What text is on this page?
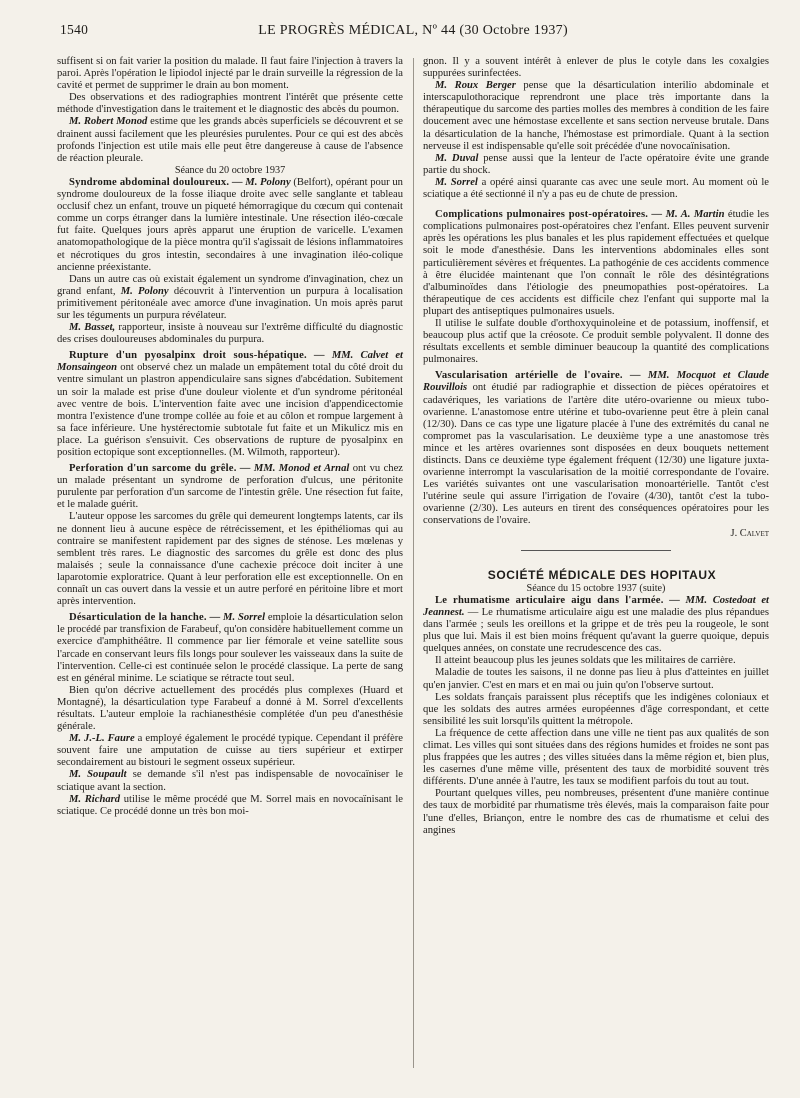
1540	LE PROGRÈS MÉDICAL, Nº 44 (30 Octobre 1937)

suffisent si on fait varier la position du malade. Il faut faire l'injection à travers la paroi. Après l'opération le lipiodol injecté par le drain surveille la régression de la cavité et permet de supprimer le drain au bon moment.

Des observations et des radiographies montrent l'intérêt que présente cette méthode d'investigation dans le traitement et le diagnostic des abcès du poumon.

M. Robert Monod estime que les grands abcès superficiels se découvrent et se drainent aussi facilement que les pleurésies purulentes. Pour ce qui est des abcès profonds l'injection est utile mais elle peut être dangereuse à cause de l'absence de réaction pleurale.

Séance du 20 octobre 1937

Syndrome abdominal douloureux. — M. Polony (Belfort), opérant pour un syndrome douloureux de la fosse iliaque droite avec selle sanglante et tableau occlusif chez un enfant, trouve un piqueté hémorragique du cœcum qui contenait comme un corps étranger dans la lumière intestinale. Une résection iléo-cœcale fut faite. Quelques jours après apparut une éruption de varicelle. L'examen anatomopathologique de la pièce montra qu'il s'agissait de lésions inflammatoires et nécrotiques du gros intestin, secondaires à une invagination iléo-colique ancienne préexistante.

Dans un autre cas où existait également un syndrome d'invagination, chez un grand enfant, M. Polony découvrit à l'intervention un purpura à localisation primitivement péritonéale avec amorce d'une invagination. Un mois après parut sur les téguments un purpura révélateur.

M. Basset, rapporteur, insiste à nouveau sur l'extrême difficulté du diagnostic des crises douloureuses abdominales du purpura.

Rupture d'un pyosalpinx droit sous-hépatique. — MM. Calvet et Monsaingeon ont observé chez un malade un empâtement total du côté droit du ventre simulant un plastron appendiculaire sans signes d'abcédation. Subitement un soir la malade est prise d'une douleur violente et d'un syndrome péritonéal avec ventre de bois. L'intervention faite avec une incision d'appendicectomie montra l'existence d'une trompe collée au foie et au côlon et rompue largement à sa face inférieure. Une hystérectomie subtotale fut faite et un Mikulicz mis en place. La guérison s'ensuivit. Ces observations de rupture de pyosalpinx en position ectopique sont exceptionnelles. (M. Wilmoth, rapporteur).

Perforation d'un sarcome du grêle. — MM. Monod et Arnal ont vu chez un malade présentant un syndrome de perforation d'ulcus, une péritonite purulente par perforation d'un sarcome de l'intestin grêle. Une résection fut faite, et le malade guérit.

L'auteur oppose les sarcomes du grêle qui demeurent longtemps latents, car ils ne donnent lieu à aucune espèce de rétrécissement, et les épithéliomas qui au contraire se manifestent rapidement par des signes de sténose. Les mœlenas y semblent très rares. Le diagnostic des sarcomes du grêle est donc des plus malaisés ; seule la connaissance d'une cachexie précoce doit inciter à une laparotomie exploratrice. Quant à leur perforation elle est exceptionnelle. On en connaît un cas ouvert dans la vessie et un autre perforé en péritoine libre et mort après intervention.

Désarticulation de la hanche. — M. Sorrel emploie la désarticulation selon le procédé par transfixion de Farabeuf, qu'on considère habituellement comme un exercice d'amphithéâtre. Il commence par lier fémorale et veine satellite sous l'arcade en conservant leurs fils longs pour soulever les vaisseaux dans la suite de l'intervention. Celle-ci est continuée selon le procédé classique. La perte de sang est en général minime. Le sciatique se rétracte tout seul.

Bien qu'on décrive actuellement des procédés plus complexes (Huard et Montagné), la désarticulation type Farabeuf a donné à M. Sorrel d'excellents résultats. L'auteur emploie la rachianesthésie complétée d'un peu d'anesthésie générale.

M. J.-L. Faure a employé également le procédé typique. Cependant il préfère souvent faire une amputation de cuisse au tiers supérieur et extirper secondairement au bistouri le segment osseux supérieur.

M. Soupault se demande s'il n'est pas indispensable de novocaïniser le sciatique avant la section.

M. Richard utilise le même procédé que M. Sorrel mais en novocaïnisant le sciatique. Ce procédé donne un très bon moi-

gnon. Il y a souvent intérêt à enlever de plus le cotyle dans les coxalgies suppurées surinfectées.

M. Roux Berger pense que la désarticulation interilio abdominale et interscapulothoracique reprendront une place très importante dans la thérapeutique du sarcome des parties molles des membres à condition de les faire doucement avec une hémostase excellente et sans section nerveuse brutale. Dans la désarticulation de la hanche, l'hémostase est primordiale. Quant à la section nerveuse il est indispensable qu'elle soit précédée d'une novocaïnisation.

M. Duval pense aussi que la lenteur de l'acte opératoire évite une grande partie du shock.

M. Sorrel a opéré ainsi quarante cas avec une seule mort. Au moment où le sciatique a été sectionné il n'y a pas eu de chute de pression.

Complications pulmonaires post-opératoires. — M. A. Martin étudie les complications pulmonaires post-opératoires chez l'enfant. Elles peuvent survenir après les opérations les plus banales et les plus rapidement effectuées et quelque soit le mode d'anesthésie. Dans les interventions abdominales elles sont particulièrement sévères et fréquentes. La pathogénie de ces accidents commence à être élucidée maintenant que l'on connaît le rôle des désintégrations d'albuminoïdes dans l'étiologie des pneumopathies post-opératoires. La thérapeutique de ces accidents est difficile chez l'enfant qui supporte mal la plupart des antiseptiques pulmonaires usuels.

Il utilise le sulfate double d'orthoxyquinoleine et de potassium, inoffensif, et beaucoup plus actif que la créosote. Ce produit semble polyvalent. Il donne des résultats excellents et semble diminuer beaucoup la quantité des complications pulmonaires.

Vascularisation artérielle de l'ovaire. — MM. Mocquot et Claude Rouvillois ont étudié par radiographie et dissection de pièces opératoires et cadavériques, les variations de l'artère dite utéro-ovarienne ou mieux tubo-ovarienne. L'anastomose entre utérine et tubo-ovarienne peut être à plein canal (12/30). Dans ce cas type une ligature placée à l'une des extrémités du canal ne compromet pas la vascularisation. Le deuxième type a une anastomose très mince et les artères ovariennes sont disposées en deux bouquets nettement distincts. Dans ce deuxième type également fréquent (12/30) une ligature juxta-ovarienne interrompt la vascularisation de la moitié correspondante de l'ovaire. Les variétés suivantes ont une vascularisation monoartérielle. Tantôt c'est l'utérine seule qui assure l'irrigation de l'ovaire (4/30), tantôt c'est la tubo-ovarienne (2/30). Les auteurs en tirent des conséquences opératoires pour les conservations de l'ovaire.

J. Calvet

SOCIÉTÉ MÉDICALE DES HOPITAUX

Séance du 15 octobre 1937 (suite)

Le rhumatisme articulaire aigu dans l'armée. — MM. Costedoat et Jeannest. — Le rhumatisme articulaire aigu est une maladie des plus répandues dans l'armée ; seuls les oreillons et la grippe et de très peu la rougeole, le sont plus que lui. Mais il est bien moins fréquent qu'avant la guerre quoique, depuis quelques années, on constate une recrudescence des cas.

Il atteint beaucoup plus les jeunes soldats que les militaires de carrière.

Maladie de toutes les saisons, il ne donne pas lieu à plus d'atteintes en juillet qu'en janvier. C'est en mars et en mai ou juin qu'on l'observe surtout.

Les soldats français paraissent plus réceptifs que les indigènes coloniaux et que les soldats des autres armées européennes d'âge correspondant, et cette sensibilité les suit lorsqu'ils quittent la métropole.

La fréquence de cette affection dans une ville ne tient pas aux qualités de son climat. Les villes qui sont situées dans des régions humides et froides ne sont pas plus frappées que les autres ; des villes situées dans la même région et, bien plus, les casernes d'une même ville, présentent des taux de morbidité souvent très différents. D'une année à l'autre, les taux se modifient parfois du tout au tout.

Pourtant quelques villes, peu nombreuses, présentent d'une manière continue des taux de morbidité par rhumatisme très élevés, mais la comparaison faite pour l'une d'elles, Briançon, entre le nombre des cas de rhumatisme et celui des angines
